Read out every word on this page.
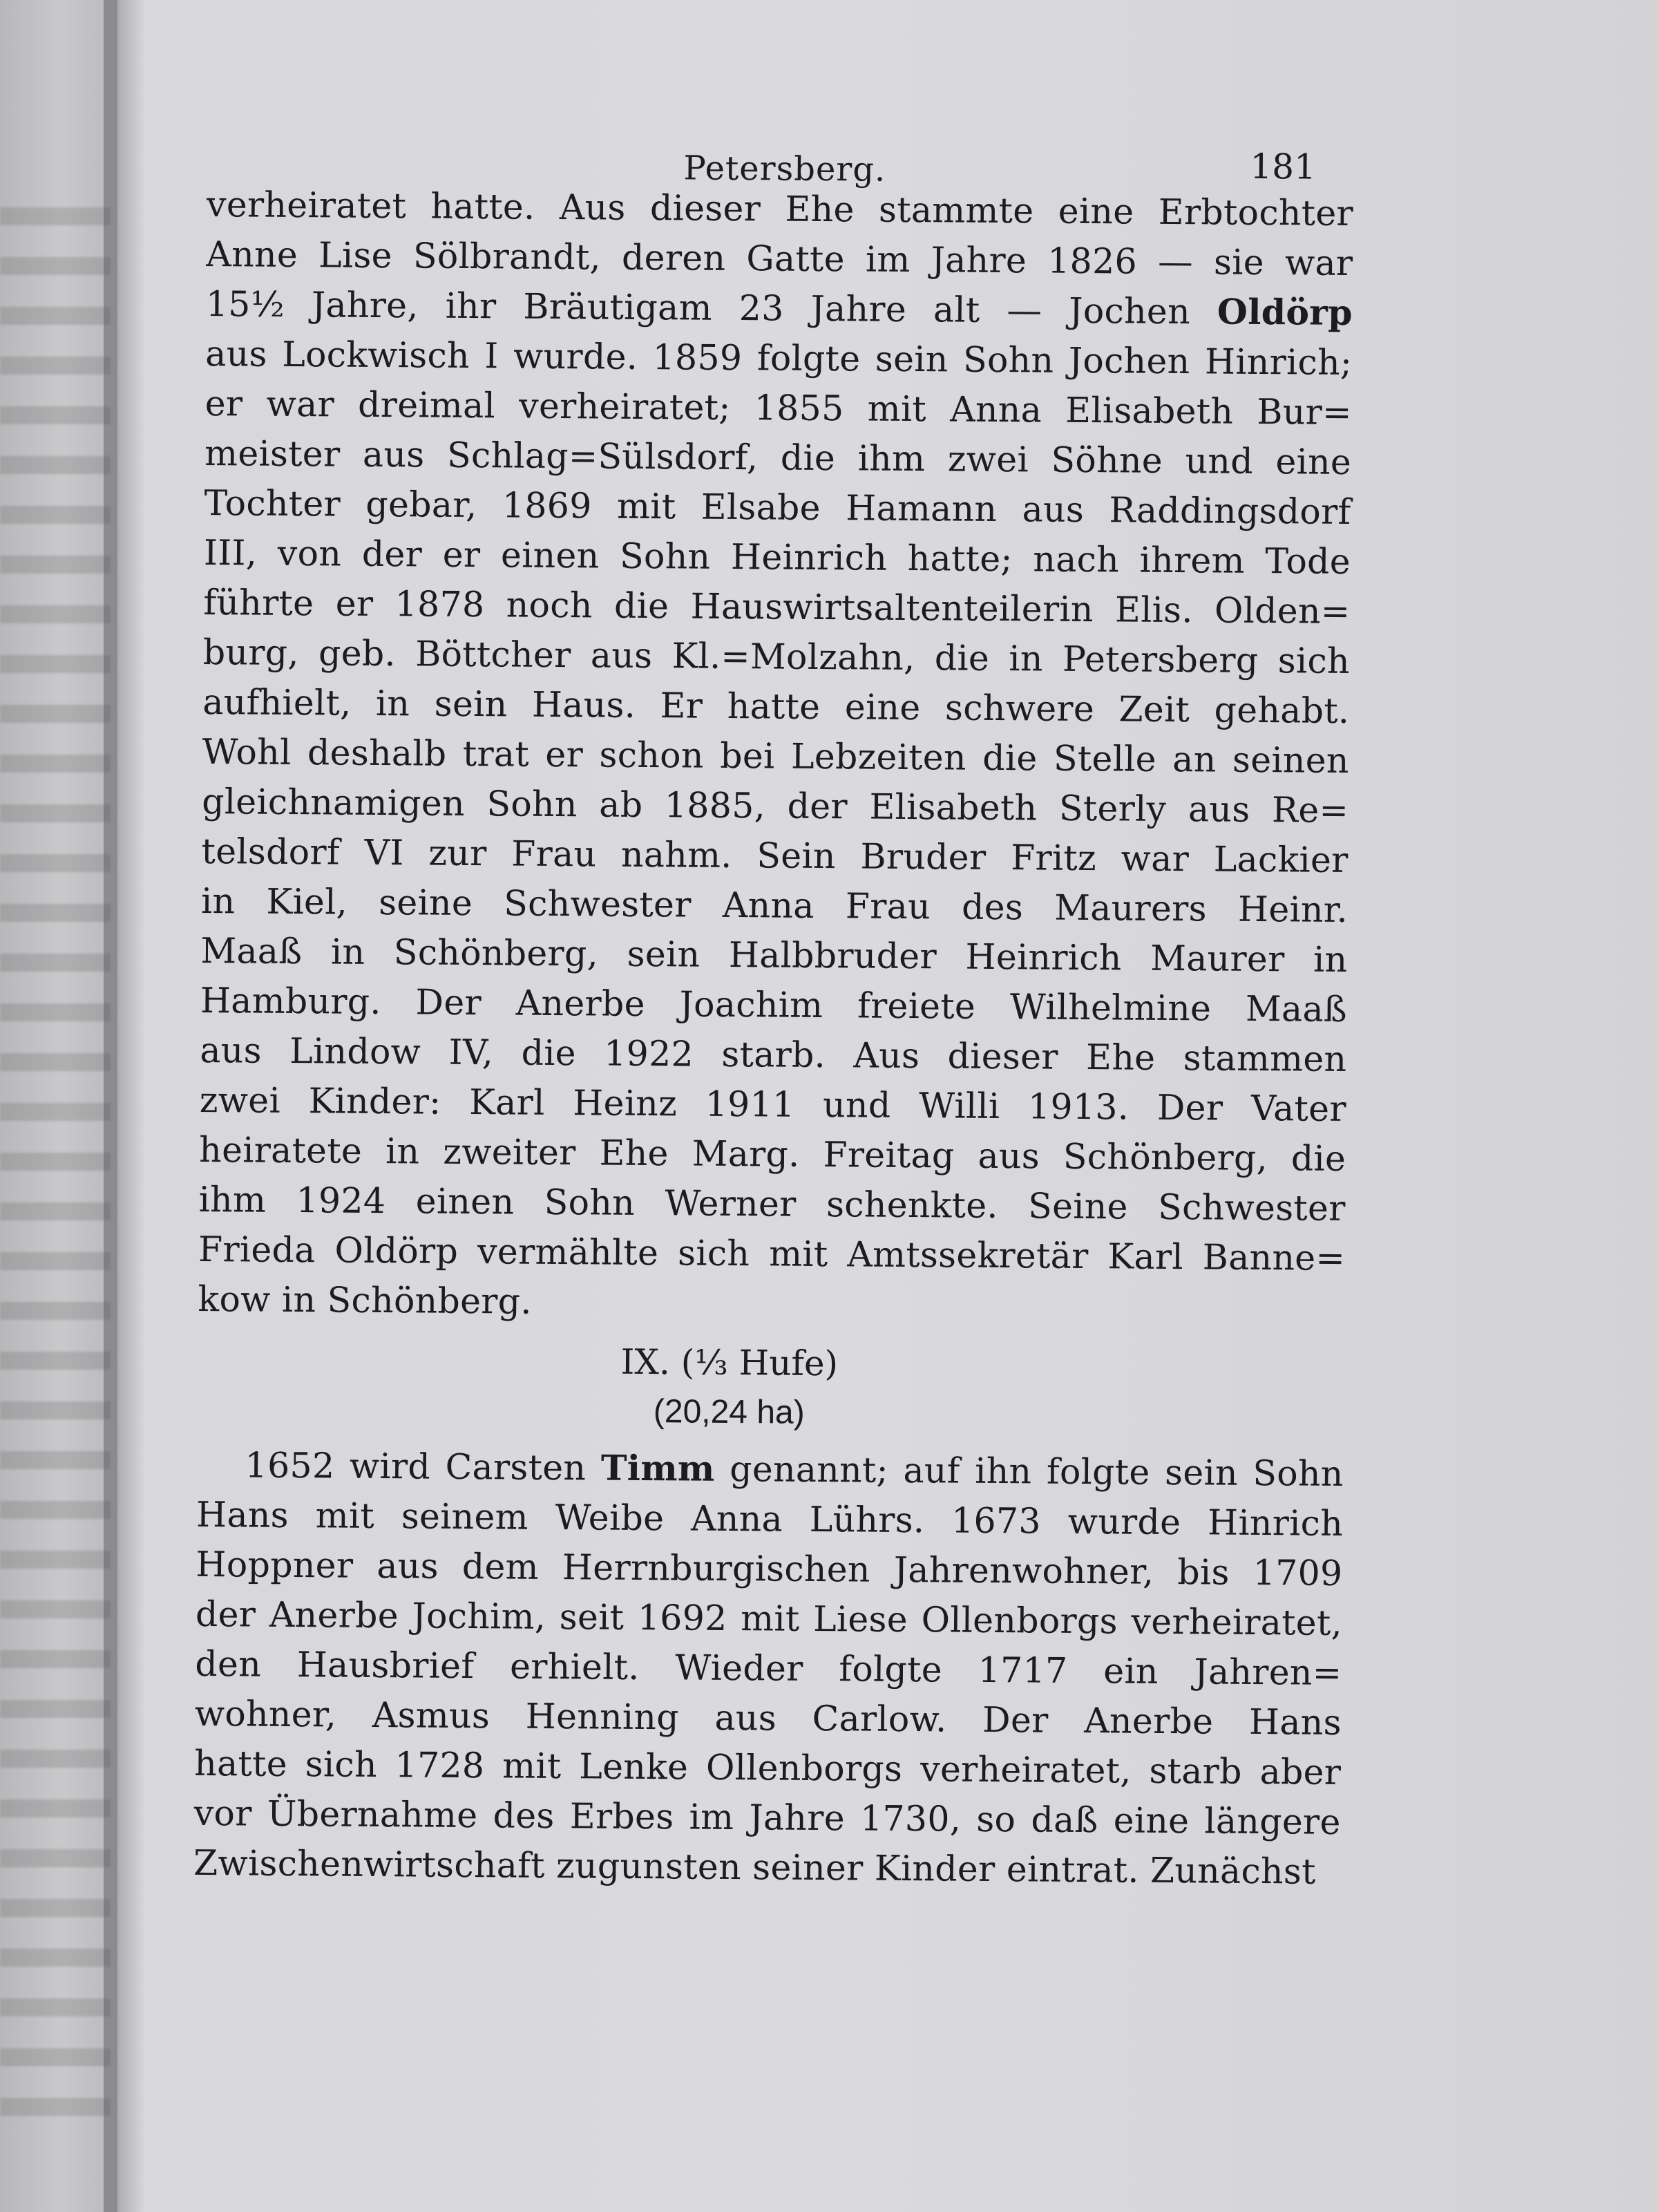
Petersberg.	181

verheiratet hatte. Aus dieser Ehe stammte eine Erbtochter
Anne Lise Sölbrandt, deren Gatte im Jahre 1826 — sie war
15½ Jahre, ihr Bräutigam 23 Jahre alt — Jochen Oldörp
aus Lockwisch I wurde. 1859 folgte sein Sohn Jochen Hinrich;
er war dreimal verheiratet; 1855 mit Anna Elisabeth Bur=
meister aus Schlag=Sülsdorf, die ihm zwei Söhne und eine
Tochter gebar, 1869 mit Elsabe Hamann aus Raddingsdorf
III, von der er einen Sohn Heinrich hatte; nach ihrem Tode
führte er 1878 noch die Hauswirtsaltenteilerin Elis. Olden=
burg, geb. Böttcher aus Kl.=Molzahn, die in Petersberg sich
aufhielt, in sein Haus. Er hatte eine schwere Zeit gehabt.
Wohl deshalb trat er schon bei Lebzeiten die Stelle an seinen
gleichnamigen Sohn ab 1885, der Elisabeth Sterly aus Re=
telsdorf VI zur Frau nahm. Sein Bruder Fritz war Lackier
in Kiel, seine Schwester Anna Frau des Maurers Heinr.
Maaß in Schönberg, sein Halbbruder Heinrich Maurer in
Hamburg. Der Anerbe Joachim freiete Wilhelmine Maaß
aus Lindow IV, die 1922 starb. Aus dieser Ehe stammen
zwei Kinder: Karl Heinz 1911 und Willi 1913. Der Vater
heiratete in zweiter Ehe Marg. Freitag aus Schönberg, die
ihm 1924 einen Sohn Werner schenkte. Seine Schwester
Frieda Oldörp vermählte sich mit Amtssekretär Karl Banne=
kow in Schönberg.

IX. (⅓ Hufe)
(20,24 ha)

1652 wird Carsten Timm genannt; auf ihn folgte sein Sohn
Hans mit seinem Weibe Anna Lührs. 1673 wurde Hinrich
Hoppner aus dem Herrnburgischen Jahrenwohner, bis 1709
der Anerbe Jochim, seit 1692 mit Liese Ollenborgs verheiratet,
den Hausbrief erhielt. Wieder folgte 1717 ein Jahren=
wohner, Asmus Henning aus Carlow. Der Anerbe Hans
hatte sich 1728 mit Lenke Ollenborgs verheiratet, starb aber
vor Übernahme des Erbes im Jahre 1730, so daß eine längere
Zwischenwirtschaft zugunsten seiner Kinder eintrat. Zunächst
